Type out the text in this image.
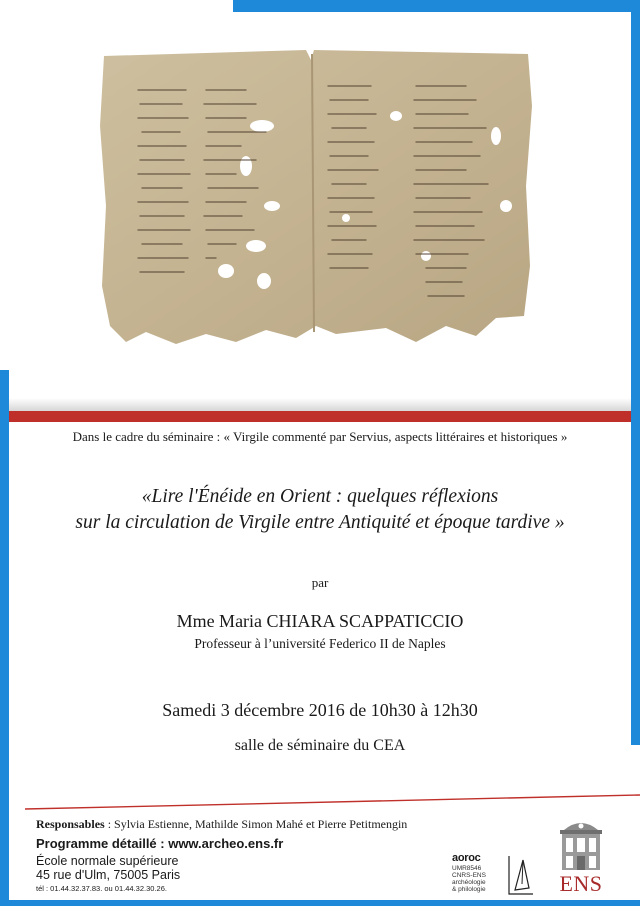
Dans le cadre du séminaire : « Virgile commenté par Servius, aspects littéraires et historiques »
«Lire l'Énéide en Orient : quelques réflexions
sur la circulation de Virgile entre Antiquité et époque tardive »
par
Mme Maria CHIARA SCAPPATICCIO
Professeur à l’université Federico II de Naples
Samedi 3 décembre 2016 de 10h30 à 12h30
salle de séminaire du CEA
Responsables : Sylvia Estienne, Mathilde Simon Mahé et Pierre Petitmengin
Programme détaillé : www.archeo.ens.fr
École normale supérieure
45 rue d'Ulm, 75005 Paris
tél : 01.44.32.37.83. ou 01.44.32.30.26.
aoroc
UMR8546
CNRS-ENS
archéologie
& philologie	ENS
